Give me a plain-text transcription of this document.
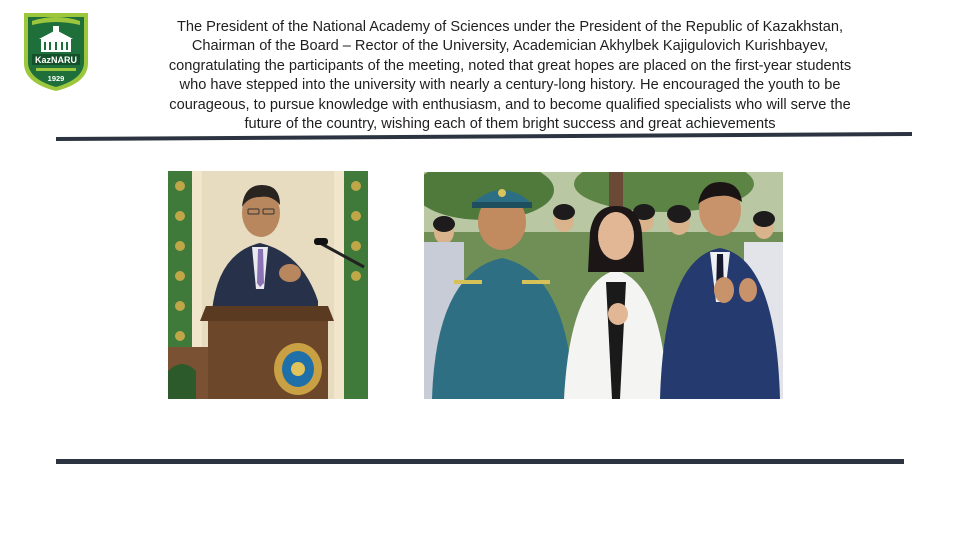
KazNARU
1929
The President of the National Academy of Sciences under the President of the Republic of Kazakhstan,
Chairman of the Board – Rector of the University, Academician Akhylbek Kajigulovich Kurishbayev,
congratulating the participants of the meeting, noted that great hopes are placed on the first-year students
who have stepped into the university with nearly a century-long history. He encouraged the youth to be
courageous, to pursue knowledge with enthusiasm, and to become qualified specialists who will serve the
future of the country, wishing each of them bright success and great achievements
